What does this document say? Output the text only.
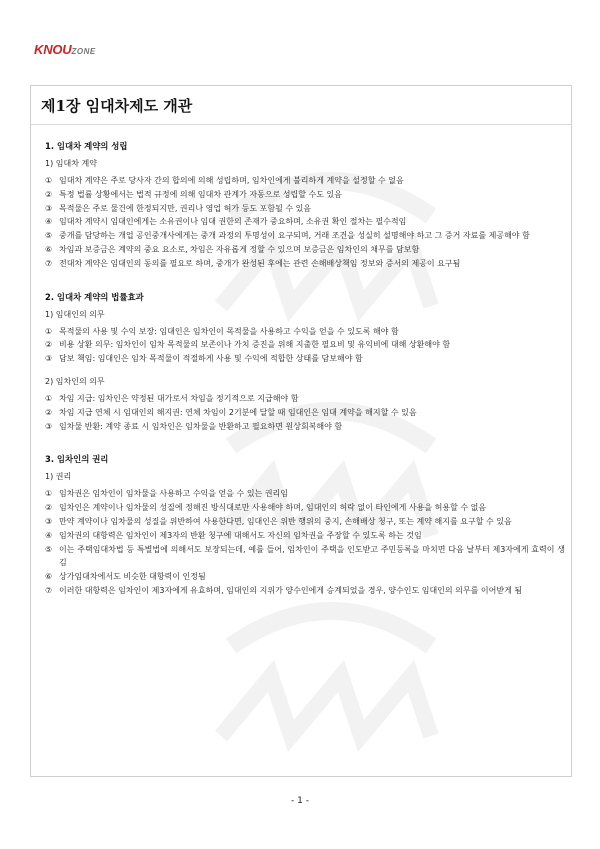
KNOUZONE
제1장 임대차제도 개관

1. 임대차 계약의 성립

1) 임대차 계약

① 임대차 계약은 주로 당사자 간의 합의에 의해 성립하며, 임차인에게 불리하게 계약을 설정할 수 없음
② 특정 법률 상황에서는 법적 규정에 의해 임대차 관계가 자동으로 성립할 수도 있음
③ 목적물은 주로 물건에 한정되지만, 권리나 영업 허가 등도 포함될 수 있음
④ 임대차 계약시 임대인에게는 소유권이나 임대 권한의 존재가 중요하며, 소유권 확인 절차는 필수적임
⑤ 중개를 담당하는 개업 공인중개사에게는 중개 과정의 투명성이 요구되며, 거래 조건을 성실히 설명해야 하고 그 증거 자료를 제공해야 함
⑥ 차임과 보증금은 계약의 중요 요소로, 차임은 자유롭게 정할 수 있으며 보증금은 임차인의 채무를 담보함
⑦ 전대차 계약은 임대인의 동의를 필요로 하며, 중개가 완성된 후에는 관련 손해배상책임 정보와 증서의 제공이 요구됨

2. 임대차 계약의 법률효과

1) 임대인의 의무

① 목적물의 사용 및 수익 보장: 임대인은 임차인이 목적물을 사용하고 수익을 얻을 수 있도록 해야 함
② 비용 상환 의무: 임차인이 임차 목적물의 보존이나 가치 증진을 위해 지출한 필요비 및 유익비에 대해 상환해야 함
③ 담보 책임: 임대인은 임차 목적물이 적절하게 사용 및 수익에 적합한 상태를 담보해야 함

2) 임차인의 의무

① 차임 지급: 임차인은 약정된 대가로서 차임을 정기적으로 지급해야 함
② 차임 지급 연체 시 임대인의 해지권: 연체 차임이 2기분에 달할 때 임대인은 임대 계약을 해지할 수 있음
③ 임차물 반환: 계약 종료 시 임차인은 임차물을 반환하고 필요하면 원상회복해야 함

3. 임차인의 권리

1) 권리

① 임차권은 임차인이 임차물을 사용하고 수익을 얻을 수 있는 권리임
② 임차인은 계약이나 임차물의 성질에 정해진 방식대로만 사용해야 하며, 임대인의 허락 없이 타인에게 사용을 허용할 수 없음
③ 만약 계약이나 임차물의 성질을 위반하여 사용한다면, 임대인은 위반 행위의 중지, 손해배상 청구, 또는 계약 해지를 요구할 수 있음
④ 임차권의 대항력은 임차인이 제3자의 반환 청구에 대해서도 자신의 임차권을 주장할 수 있도록 하는 것임
⑤ 이는 주택임대차법 등 특별법에 의해서도 보장되는데, 예를 들어, 임차인이 주택을 인도받고 주민등록을 마치면 다음 날부터 제3자에게 효력이 생김
⑥ 상가임대차에서도 비슷한 대항력이 인정됨
⑦ 이러한 대항력은 임차인이 제3자에게 유효하며, 임대인의 지위가 양수인에게 승계되었을 경우, 양수인도 임대인의 의무를 이어받게 됨
- 1 -
